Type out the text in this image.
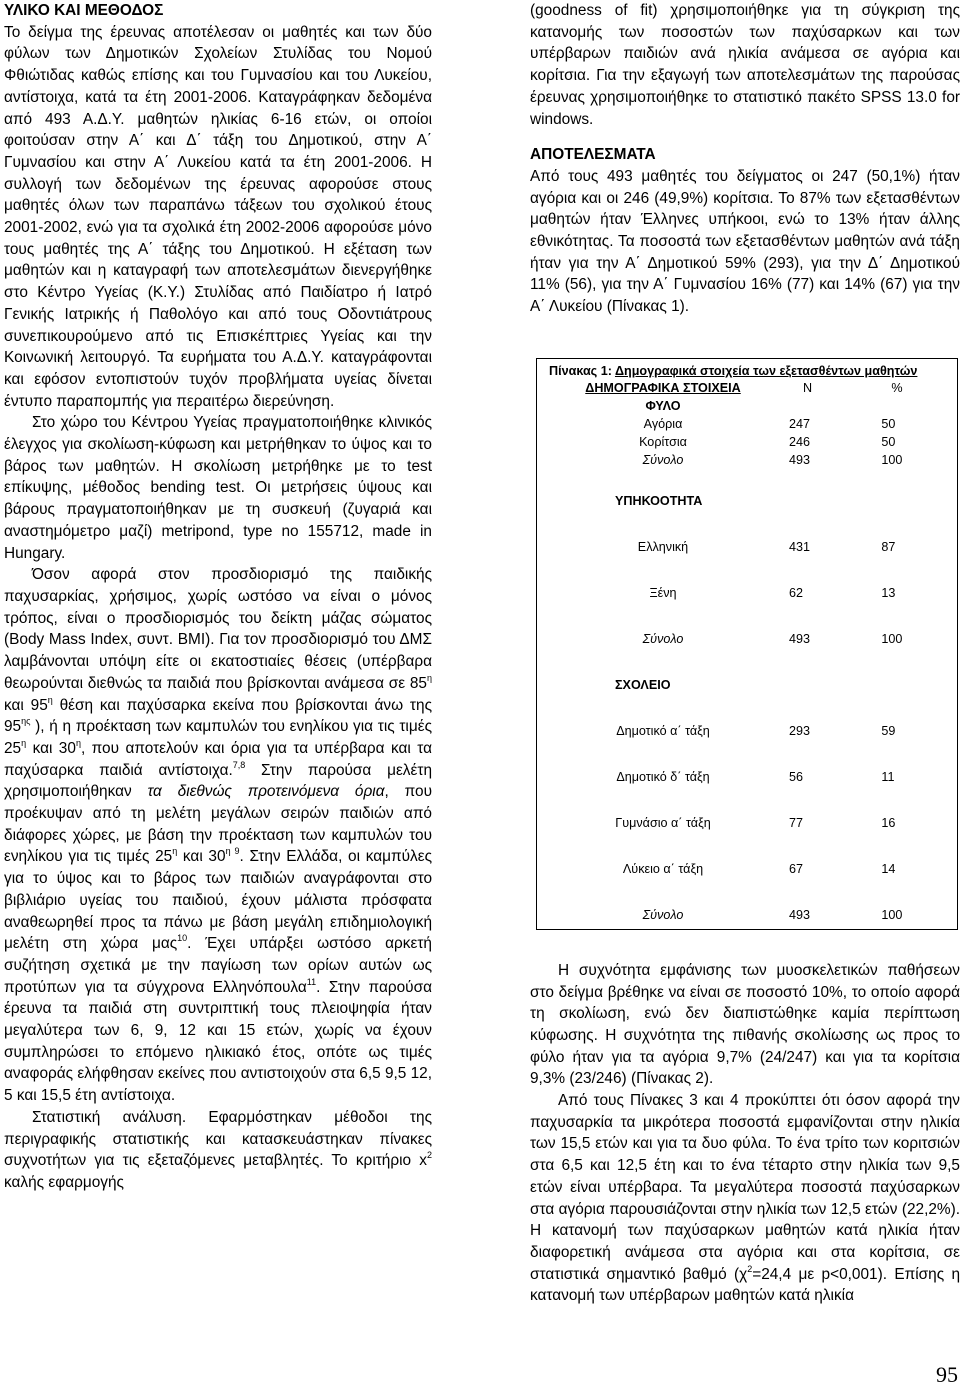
ΥΛΙΚΟ ΚΑΙ ΜΕΘΟΔΟΣ

Το δείγμα της έρευνας αποτέλεσαν οι μαθητές και των δύο φύλων των Δημοτικών Σχολείων Στυλίδας του Νομού Φθιώτιδας καθώς επίσης και του Γυμνασίου και του Λυκείου, αντίστοιχα, κατά τα έτη 2001-2006. Καταγράφηκαν δεδομένα από 493 Α.Δ.Υ. μαθητών ηλικίας 6-16 ετών, οι οποίοι φοιτούσαν στην Α΄ και Δ΄ τάξη του Δημοτικού, στην Α΄ Γυμνασίου και στην Α΄ Λυκείου κατά τα έτη 2001-2006. Η συλλογή των δεδομένων της έρευνας αφορούσε στους μαθητές όλων των παραπάνω τάξεων του σχολικού έτους 2001-2002, ενώ για τα σχολικά έτη 2002-2006 αφορούσε μόνο τους μαθητές της Α΄ τάξης του Δημοτικού. Η εξέταση των μαθητών και η καταγραφή των αποτελεσμάτων διενεργήθηκε στο Κέντρο Υγείας (Κ.Υ.) Στυλίδας από Παιδίατρο ή Ιατρό Γενικής Ιατρικής ή Παθολόγο και από τους Οδοντιάτρους συνεπικουρούμενο από τις Επισκέπτριες Υγείας και την Κοινωνική λειτουργό. Τα ευρήματα του Α.Δ.Υ. καταγράφονται και εφόσον εντοπιστούν τυχόν προβλήματα υγείας δίνεται έντυπο παραπομπής για περαιτέρω διερεύνηση.

Στο χώρο του Κέντρου Υγείας πραγματοποιήθηκε κλινικός έλεγχος για σκολίωση-κύφωση και μετρήθηκαν το ύψος και το βάρος των μαθητών. Η σκολίωση μετρήθηκε με το test επίκυψης, μέθοδος bending test. Οι μετρήσεις ύψους και βάρους πραγματοποιήθηκαν με τη συσκευή (ζυγαριά και αναστημόμετρο μαζί) metripond, type no 155712, made in Hungary.

Όσον αφορά στον προσδιορισμό της παιδικής παχυσαρκίας, χρήσιμος, χωρίς ωστόσο να είναι ο μόνος τρόπος, είναι ο προσδιορισμός του δείκτη μάζας σώματος (Body Mass Index, συντ. BMI). Για τον προσδιορισμό του ΔΜΣ λαμβάνονται υπόψη είτε οι εκατοστιαίες θέσεις (υπέρβαρα θεωρούνται διεθνώς τα παιδιά που βρίσκονται ανάμεσα σε $85^\eta$ και $95^\eta$ θέση και παχύσαρκα εκείνα που βρίσκονται άνω της $95^{\eta\varsigma}$ ), ή η προέκταση των καμπυλών του ενηλίκου για τις τιμές $25^\eta$ και $30^\eta$, που αποτελούν και όρια για τα υπέρβαρα και τα παχύσαρκα παιδιά αντίστοιχα.$^{7,8}$ Στην παρούσα μελέτη χρησιμοποιήθηκαν τα διεθνώς προτεινόμενα όρια, που προέκυψαν από τη μελέτη μεγάλων σειρών παιδιών από διάφορες χώρες, με βάση την προέκταση των καμπυλών του ενηλίκου για τις τιμές $25^\eta$ και $30^{\eta 9}$. Στην Ελλάδα, οι καμπύλες για το ύψος και το βάρος των παιδιών αναγράφονται στο βιβλιάριο υγείας του παιδιού, έχουν μάλιστα πρόσφατα αναθεωρηθεί προς τα πάνω με βάση μεγάλη επιδημιολογική μελέτη στη χώρα μας$^{10}$. Έχει υπάρξει ωστόσο αρκετή συζήτηση σχετικά με την παγίωση των ορίων αυτών ως προτύπων για τα σύγχρονα Ελληνόπουλα$^{11}$. Στην παρούσα έρευνα τα παιδιά στη συντριπτική τους πλειοψηφία ήταν μεγαλύτερα των 6, 9, 12 και 15 ετών, χωρίς να έχουν συμπληρώσει το επόμενο ηλικιακό έτος, οπότε ως τιμές αναφοράς ελήφθησαν εκείνες που αντιστοιχούν στα 6,5 9,5 12, 5 και 15,5 έτη αντίστοιχα.

Στατιστική ανάλυση. Εφαρμόστηκαν μέθοδοι της περιγραφικής στατιστικής και κατασκευάστηκαν πίνακες συχνοτήτων για τις εξεταζόμενες μεταβλητές. Το κριτήριο $x^2$ καλής εφαρμογής

(goodness of fit) χρησιμοποιήθηκε για τη σύγκριση της κατανομής των ποσοστών των παχύσαρκων και των υπέρβαρων παιδιών ανά ηλικία ανάμεσα σε αγόρια και κορίτσια. Για την εξαγωγή των αποτελεσμάτων της παρούσας έρευνας χρησιμοποιήθηκε το στατιστικό πακέτο SPSS 13.0 for windows.

ΑΠΟΤΕΛΕΣΜΑΤΑ

Από τους 493 μαθητές του δείγματος οι 247 (50,1%) ήταν αγόρια και οι 246 (49,9%) κορίτσια. Το 87% των εξετασθέντων μαθητών ήταν Έλληνες υπήκοοι, ενώ το 13% ήταν άλλης εθνικότητας. Τα ποσοστά των εξετασθέντων μαθητών ανά τάξη ήταν για την Α΄ Δημοτικού 59% (293), για την Δ΄ Δημοτικού 11% (56), για την Α΄ Γυμνασίου 16% (77) και 14% (67) για την Α΄ Λυκείου (Πίνακας 1).

Πίνακας 1: Δημογραφικά στοιχεία των εξετασθέντων μαθητών
ΔΗΜΟΓΡΑΦΙΚΑ ΣΤΟΙΧΕΙΑ	N	%
ΦΥΛΟ		
Αγόρια	247	50
Κορίτσια	246	50
Σύνολο	493	100
ΥΠΗΚΟΟΤΗΤΑ		
Ελληνική	431	87
Ξένη	62	13
Σύνολο	493	100
ΣΧΟΛΕΙΟ		
Δημοτικό α΄ τάξη	293	59
Δημοτικό δ΄ τάξη	56	11
Γυμνάσιο α΄ τάξη	77	16
Λύκειο α΄ τάξη	67	14
Σύνολο	493	100

Η συχνότητα εμφάνισης των μυοσκελετικών παθήσεων στο δείγμα βρέθηκε να είναι σε ποσοστό 10%, το οποίο αφορά τη σκολίωση, ενώ δεν διαπιστώθηκε καμία περίπτωση κύφωσης. Η συχνότητα της πιθανής σκολίωσης ως προς το φύλο ήταν για τα αγόρια 9,7% (24/247) και για τα κορίτσια 9,3% (23/246) (Πίνακας 2).

Από τους Πίνακες 3 και 4 προκύπτει ότι όσον αφορά την παχυσαρκία τα μικρότερα ποσοστά εμφανίζονται στην ηλικία των 15,5 ετών και για τα δυο φύλα. Το ένα τρίτο των κοριτσιών στα 6,5 και 12,5 έτη και το ένα τέταρτο στην ηλικία των 9,5 ετών είναι υπέρβαρα. Τα μεγαλύτερα ποσοστά παχύσαρκων στα αγόρια παρουσιάζονται στην ηλικία των 12,5 ετών (22,2%). Η κατανομή των παχύσαρκων μαθητών κατά ηλικία ήταν διαφορετική ανάμεσα στα αγόρια και στα κορίτσια, σε στατιστικά σημαντικό βαθμό ($\chi^2=24,4$ με p<0,001). Επίσης η κατανομή των υπέρβαρων μαθητών κατά ηλικία

95
